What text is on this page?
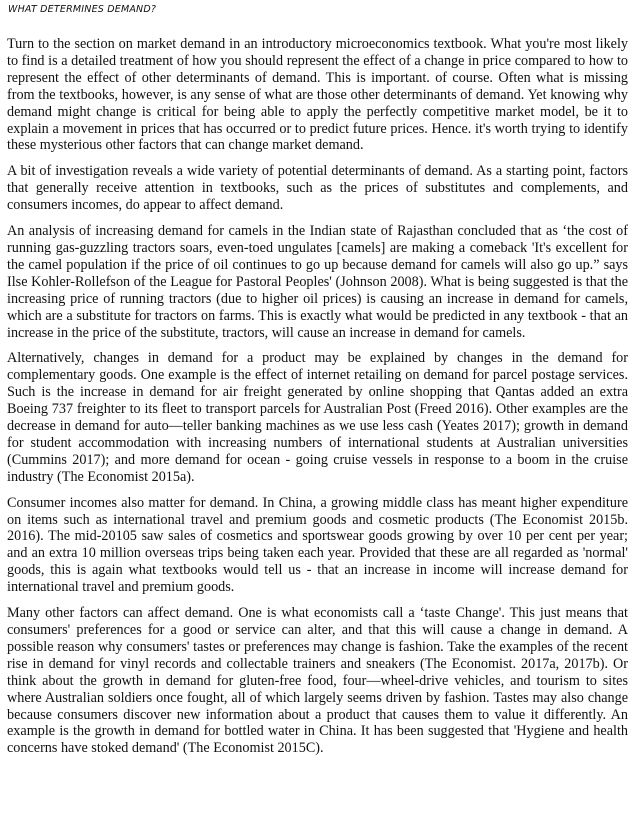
WHAT DETERMINES DEMAND?

Turn to the section on market demand in an introductory microeconomics textbook. What you're most likely to find is a detailed treatment of how you should represent the effect of a change in price compared to how to represent the effect of other determinants of demand. This is important. of course. Often what is missing from the textbooks, however, is any sense of what are those other determinants of demand. Yet knowing why demand might change is critical for being able to apply the perfectly competitive market model, be it to explain a movement in prices that has occurred or to predict future prices. Hence. it's worth trying to identify these mysterious other factors that can change market demand.

A bit of investigation reveals a wide variety of potential determinants of demand. As a starting point, factors that generally receive attention in textbooks, such as the prices of substitutes and complements, and consumers incomes, do appear to affect demand.

An analysis of increasing demand for camels in the Indian state of Rajasthan concluded that as ‘the cost of running gas-guzzling tractors soars, even-toed ungulates [camels] are making a comeback 'It's excellent for the camel population if the price of oil continues to go up because demand for camels will also go up.” says Ilse Kohler-Rollefson of the League for Pastoral Peoples' (Johnson 2008). What is being suggested is that the increasing price of running tractors (due to higher oil prices) is causing an increase in demand for camels, which are a substitute for tractors on farms. This is exactly what would be predicted in any textbook - that an increase in the price of the substitute, tractors, will cause an increase in demand for camels.

Alternatively, changes in demand for a product may be explained by changes in the demand for complementary goods. One example is the effect of internet retailing on demand for parcel postage services. Such is the increase in demand for air freight generated by online shopping that Qantas added an extra Boeing 737 freighter to its fleet to transport parcels for Australian Post (Freed 2016). Other examples are the decrease in demand for auto—teller banking machines as we use less cash (Yeates 2017); growth in demand for student accommodation with increasing numbers of international students at Australian universities (Cummins 2017); and more demand for ocean - going cruise vessels in response to a boom in the cruise industry (The Economist 2015a).

Consumer incomes also matter for demand. In China, a growing middle class has meant higher expenditure on items such as international travel and premium goods and cosmetic products (The Economist 2015b. 2016). The mid-20105 saw sales of cosmetics and sportswear goods growing by over 10 per cent per year; and an extra 10 million overseas trips being taken each year. Provided that these are all regarded as 'normal' goods, this is again what textbooks would tell us - that an increase in income will increase demand for international travel and premium goods.

Many other factors can affect demand. One is what economists call a ‘taste Change'. This just means that consumers' preferences for a good or service can alter, and that this will cause a change in demand. A possible reason why consumers' tastes or preferences may change is fashion. Take the examples of the recent rise in demand for vinyl records and collectable trainers and sneakers (The Economist. 2017a, 2017b). Or think about the growth in demand for gluten-free food, four—wheel-drive vehicles, and tourism to sites where Australian soldiers once fought, all of which largely seems driven by fashion. Tastes may also change because consumers discover new information about a product that causes them to value it differently. An example is the growth in demand for bottled water in China. It has been suggested that 'Hygiene and health concerns have stoked demand' (The Economist 2015C).
